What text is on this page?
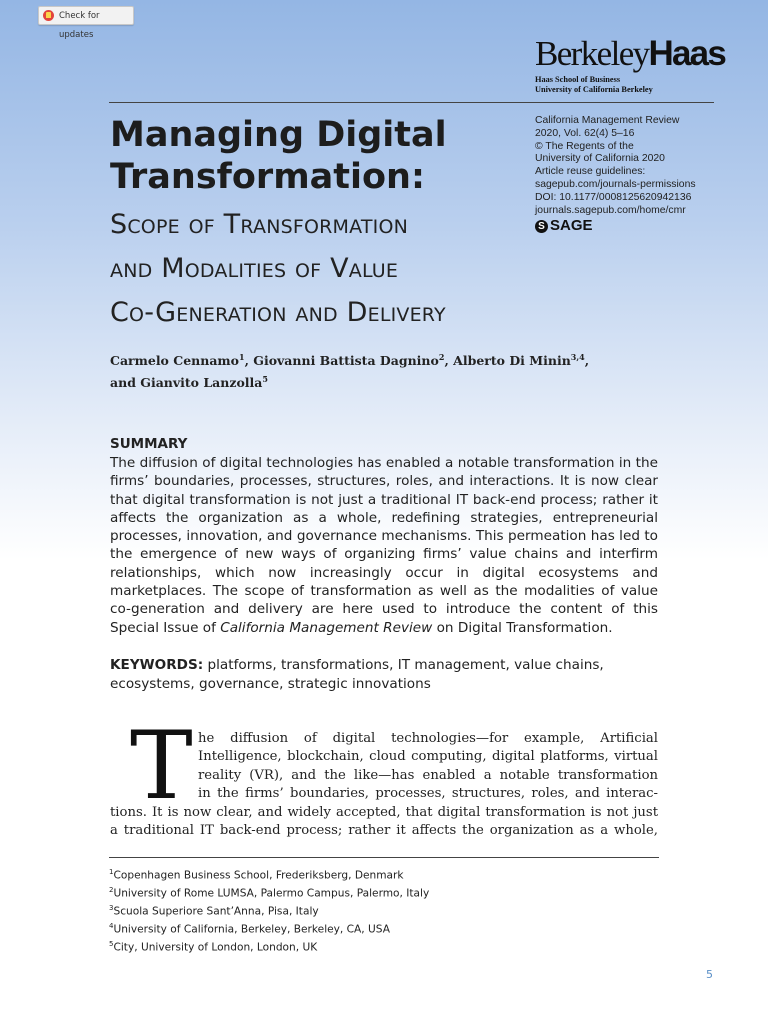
Check for updates	BerkeleyHaas
Haas School of Business
University of California Berkeley
Managing Digital
Transformation:
Scope of Transformation
and Modalities of Value
Co-Generation and Delivery
California Management Review
2020, Vol. 62(4) 5–16
© The Regents of the
University of California 2020
Article reuse guidelines:
sagepub.com/journals-permissions
DOI: 10.1177/0008125620942136
journals.sagepub.com/home/cmr
S SAGE
Carmelo Cennamo$^1$, Giovanni Battista Dagnino$^2$, Alberto Di Minin$^{3,4}$,
and Gianvito Lanzolla$^5$
SUMMARY
The diffusion of digital technologies has enabled a notable transformation in the firms’ boundaries, processes, structures, roles, and interactions. It is now clear that digital transformation is not just a traditional IT back-end process; rather it affects the organization as a whole, redefining strategies, entrepreneurial processes, innovation, and governance mechanisms. This permeation has led to the emergence of new ways of organizing firms’ value chains and interfirm relationships, which now increasingly occur in digital ecosystems and marketplaces. The scope of transformation as well as the modalities of value co-generation and delivery are here used to introduce the content of this Special Issue of California Management Review on Digital Transformation.
KEYWORDS: platforms, transformations, IT management, value chains, ecosystems, governance, strategic innovations
T he diffusion of digital technologies—for example, Artificial
Intelligence, blockchain, cloud computing, digital platforms, virtual
reality (VR), and the like—has enabled a notable transformation
in the firms’ boundaries, processes, structures, roles, and interac-
tions. It is now clear, and widely accepted, that digital transformation is not just
a traditional IT back-end process; rather it affects the organization as a whole,
$^1$Copenhagen Business School, Frederiksberg, Denmark
$^2$University of Rome LUMSA, Palermo Campus, Palermo, Italy
$^3$Scuola Superiore Sant’Anna, Pisa, Italy
$^4$University of California, Berkeley, Berkeley, CA, USA
$^5$City, University of London, London, UK
5
